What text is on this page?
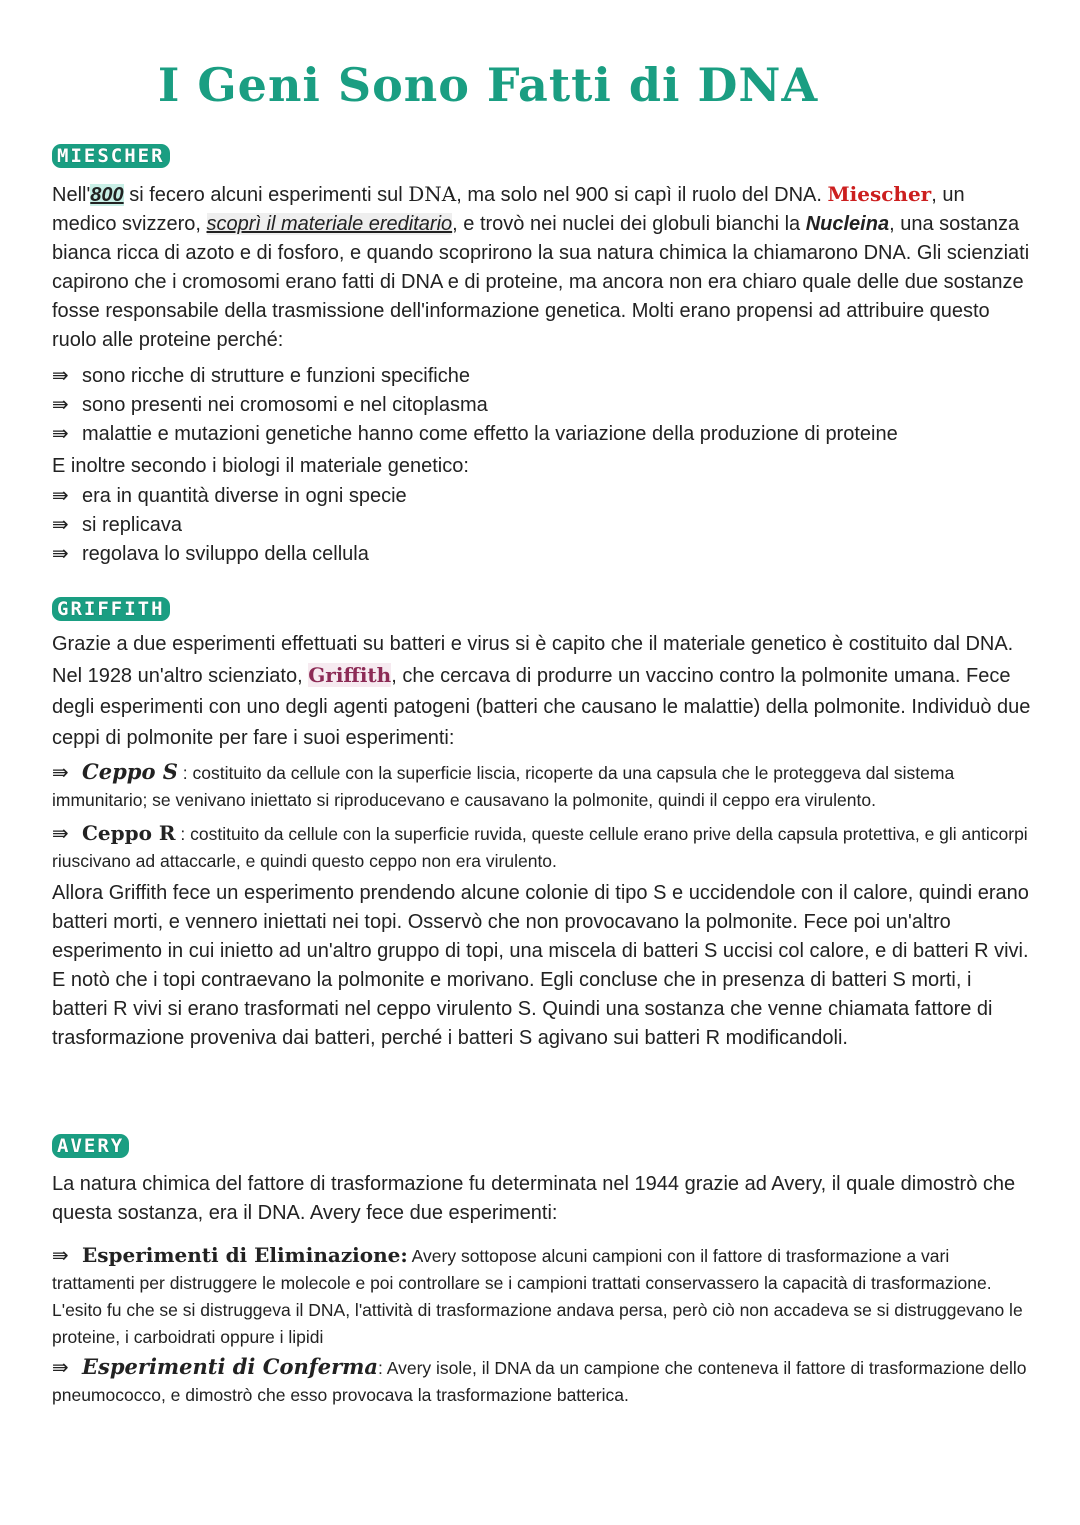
I Geni Sono Fatti di DNA
MIESCHER

Nell'800 si fecero alcuni esperimenti sul DNA, ma solo nel 900 si capì il ruolo del DNA. Miescher, un medico svizzero, scoprì il materiale ereditario, e trovò nei nuclei dei globuli bianchi la Nucleina, una sostanza bianca ricca di azoto e di fosforo, e quando scoprirono la sua natura chimica la chiamarono DNA. Gli scienziati capirono che i cromosomi erano fatti di DNA e di proteine, ma ancora non era chiaro quale delle due sostanze fosse responsabile della trasmissione dell'informazione genetica. Molti erano propensi ad attribuire questo ruolo alle proteine perché:

⇛ sono ricche di strutture e funzioni specifiche
⇛ sono presenti nei cromosomi e nel citoplasma
⇛ malattie e mutazioni genetiche hanno come effetto la variazione della produzione di proteine

E inoltre secondo i biologi il materiale genetico:

⇛ era in quantità diverse in ogni specie
⇛ si replicava
⇛ regolava lo sviluppo della cellula
GRIFFITH

Grazie a due esperimenti effettuati su batteri e virus si è capito che il materiale genetico è costituito dal DNA. Nel 1928 un'altro scienziato, Griffith, che cercava di produrre un vaccino contro la polmonite umana. Fece degli esperimenti con uno degli agenti patogeni (batteri che causano le malattie) della polmonite. Individuò due ceppi di polmonite per fare i suoi esperimenti:

⇛ Ceppo S : costituito da cellule con la superficie liscia, ricoperte da una capsula che le proteggeva dal sistema immunitario; se venivano iniettato si riproducevano e causavano la polmonite, quindi il ceppo era virulento.

⇛ Ceppo R : costituito da cellule con la superficie ruvida, queste cellule erano prive della capsula protettiva, e gli anticorpi riuscivano ad attaccarle, e quindi questo ceppo non era virulento.

Allora Griffith fece un esperimento prendendo alcune colonie di tipo S e uccidendole con il calore, quindi erano batteri morti, e vennero iniettati nei topi. Osservò che non provocavano la polmonite. Fece poi un'altro esperimento in cui inietto ad un'altro gruppo di topi, una miscela di batteri S uccisi col calore, e di batteri R vivi. E notò che i topi contraevano la polmonite e morivano. Egli concluse che in presenza di batteri S morti, i batteri R vivi si erano trasformati nel ceppo virulento S. Quindi una sostanza che venne chiamata fattore di trasformazione proveniva dai batteri, perché i batteri S agivano sui batteri R modificandoli.

AVERY

La natura chimica del fattore di trasformazione fu determinata nel 1944 grazie ad Avery, il quale dimostrò che questa sostanza, era il DNA. Avery fece due esperimenti:

⇛ Esperimenti di Eliminazione: Avery sottopose alcuni campioni con il fattore di trasformazione a vari trattamenti per distruggere le molecole e poi controllare se i campioni trattati conservassero la capacità di trasformazione. L'esito fu che se si distruggeva il DNA, l'attività di trasformazione andava persa, però ciò non accadeva se si distruggevano le proteine, i carboidrati oppure i lipidi

⇛ Esperimenti di Conferma: Avery isole, il DNA da un campione che conteneva il fattore di trasformazione dello pneumococco, e dimostrò che esso provocava la trasformazione batterica.
